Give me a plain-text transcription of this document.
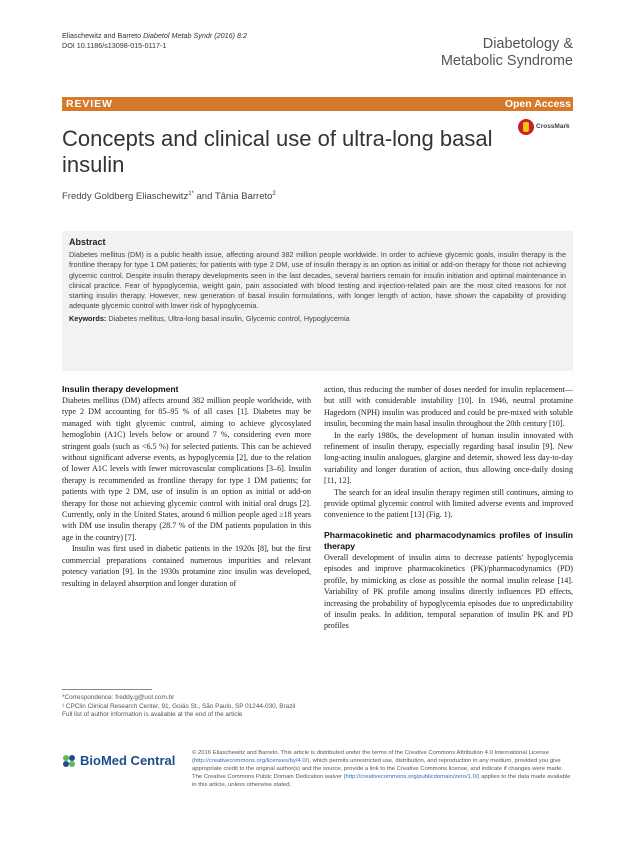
Eliaschewitz and Barreto Diabetol Metab Syndr (2016) 8:2
DOI 10.1186/s13098-015-0117-1	Diabetology &
Metabolic Syndrome
REVIEW	Open Access
CrossMark
Concepts and clinical use of ultra-long basal insulin
Freddy Goldberg Eliaschewitz$^{1*}$ and Tânia Barreto$^2$

Abstract

Diabetes mellitus (DM) is a public health issue, affecting around 382 million people worldwide. In order to achieve glycemic goals, insulin therapy is the frontline therapy for type 1 DM patients; for patients with type 2 DM, use of insulin therapy is an option as initial or add-on therapy for those not achieving glycemic control. Despite insulin therapy developments seen in the last decades, several barriers remain for insulin initiation and optimal maintenance in clinical practice. Fear of hypoglycemia, weight gain, pain associated with blood testing and injection-related pain are the most cited reasons for not starting insulin therapy. However, new generation of basal insulin formulations, with longer length of action, have shown the capability of providing adequate glycemic control with lower risk of hypoglycemia.

Keywords: Diabetes mellitus, Ultra-long basal insulin, Glycemic control, Hypoglycemia

Insulin therapy development

Diabetes mellitus (DM) affects around 382 million people worldwide, with type 2 DM accounting for 85–95 % of all cases [1]. Diabetes may be managed with tight glycemic control, aiming to achieve glycosylated hemoglobin (A1C) levels below or around 7 %, considering even more stringent goals (such as <6.5 %) for selected patients. This can be achieved without significant adverse events, as hypoglycemia [2], due to the relation of lower A1C levels with fewer microvascular complications [3–6]. Insulin therapy is recommended as frontline therapy for type 1 DM patients; for patients with type 2 DM, use of insulin is an option as initial or add-on therapy for those not achieving glycemic control with initial oral drugs [2]. Currently, only in the United States, around 6 million people aged ≥18 years with DM use insulin therapy (28.7 % of the DM patients population in this age in the country) [7].

Insulin was first used in diabetic patients in the 1920s [8], but the first commercial preparations contained numerous impurities and relevant potency variation [9]. In the 1930s protamine zinc insulin was developed, resulting in delayed absorption and longer duration of

action, thus reducing the number of doses needed for insulin replacement—but still with considerable instability [10]. In 1946, neutral protamine Hagedorn (NPH) insulin was produced and could be pre-mixed with soluble insulin, becoming the main basal insulin throughout the 20th century [10].

In the early 1980s, the development of human insulin innovated with refinement of insulin therapy, especially regarding basal insulin [9]. New long-acting insulin analogues, glargine and detemir, showed less day-to-day variability and longer duration of action, thus allowing once-daily dosing [11, 12].

The search for an ideal insulin therapy regimen still continues, aiming to provide optimal glycemic control with limited adverse events and improved convenience to the patient [13] (Fig. 1).

Pharmacokinetic and pharmacodynamics profiles of insulin therapy

Overall development of insulin aims to decrease patients' hypoglycemia episodes and improve pharmacokinetics (PK)/pharmacodynamics (PD) profile, by mimicking as close as possible the normal insulin release [14]. Variability of PK profile among insulins directly influences PD effects, increasing the probability of hypoglycemia episodes due to unpredictability of insulin peaks. In addition, temporal separation of insulin PK and PD profiles

*Correspondence: freddy.g@uol.com.br

¹ CPClin Clinical Research Center, 91, Goiás St., São Paulo, SP 01244-030, Brazil

Full list of author information is available at the end of the article

BioMed Central	© 2016 Eliaschewitz and Barreto. This article is distributed under the terms of the Creative Commons Attribution 4.0 International License (http://creativecommons.org/licenses/by/4.0/), which permits unrestricted use, distribution, and reproduction in any medium, provided you give appropriate credit to the original author(s) and the source, provide a link to the Creative Commons license, and indicate if changes were made. The Creative Commons Public Domain Dedication waiver (http://creativecommons.org/publicdomain/zero/1.0/) applies to the data made available in this article, unless otherwise stated.
